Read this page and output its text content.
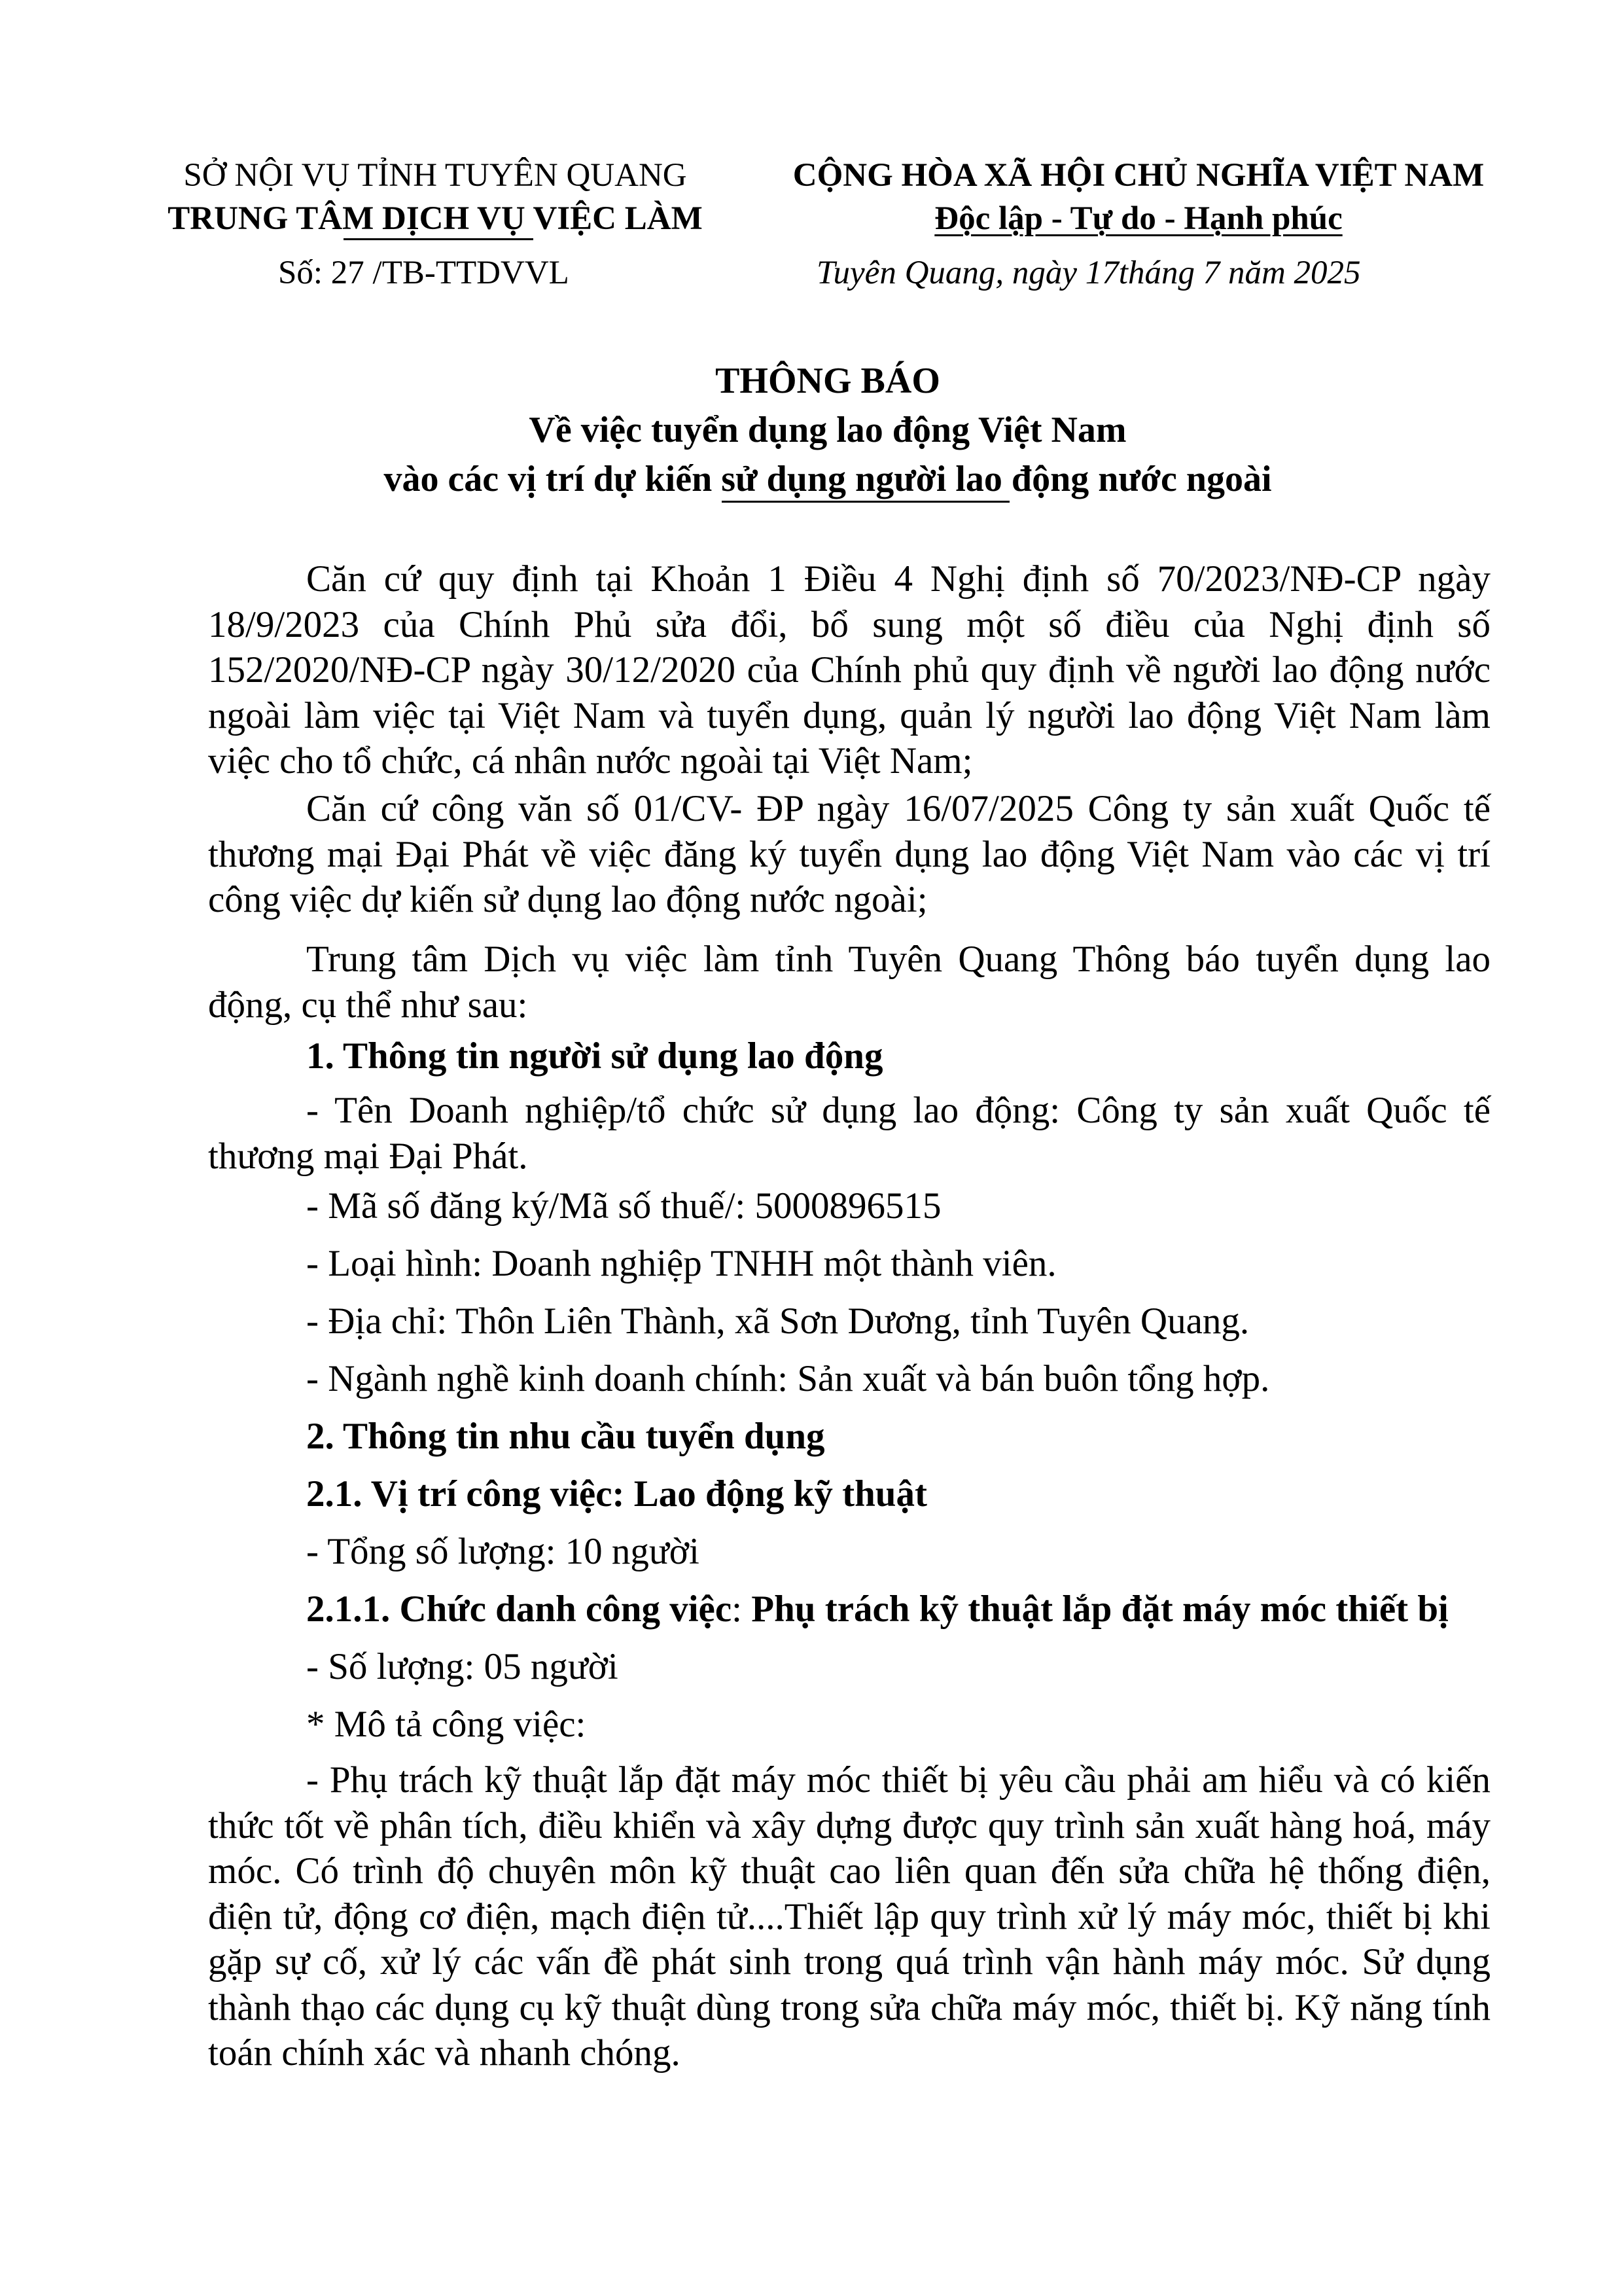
SỞ NỘI VỤ TỈNH TUYÊN QUANG
TRUNG TÂM DỊCH VỤ VIỆC LÀM
Số: 27 /TB-TTDVVL
CỘNG HÒA XÃ HỘI CHỦ NGHĨA VIỆT NAM
Độc lập - Tự do - Hạnh phúc
Tuyên Quang, ngày 17tháng 7 năm 2025
THÔNG BÁO
Về việc tuyển dụng lao động Việt Nam
vào các vị trí dự kiến sử dụng người lao động nước ngoài
Căn cứ quy định tại Khoản 1 Điều 4 Nghị định số 70/2023/NĐ-CP ngày 18/9/2023 của Chính Phủ sửa đổi, bổ sung một số điều của Nghị định số 152/2020/NĐ-CP ngày 30/12/2020 của Chính phủ quy định về người lao động nước ngoài làm việc tại Việt Nam và tuyển dụng, quản lý người lao động Việt Nam làm việc cho tổ chức, cá nhân nước ngoài tại Việt Nam;
Căn cứ công văn số 01/CV- ĐP ngày 16/07/2025 Công ty sản xuất Quốc tế thương mại Đại Phát về việc đăng ký tuyển dụng lao động Việt Nam vào các vị trí công việc dự kiến sử dụng lao động nước ngoài;
Trung tâm Dịch vụ việc làm tỉnh Tuyên Quang Thông báo tuyển dụng lao động, cụ thể như sau:
1. Thông tin người sử dụng lao động
- Tên Doanh nghiệp/tổ chức sử dụng lao động: Công ty sản xuất Quốc tế thương mại Đại Phát.
- Mã số đăng ký/Mã số thuế/: 5000896515
- Loại hình: Doanh nghiệp TNHH một thành viên.
- Địa chỉ: Thôn Liên Thành, xã Sơn Dương, tỉnh Tuyên Quang.
- Ngành nghề kinh doanh chính: Sản xuất và bán buôn tổng hợp.
2. Thông tin nhu cầu tuyển dụng
2.1. Vị trí công việc: Lao động kỹ thuật
- Tổng số lượng: 10 người
2.1.1. Chức danh công việc: Phụ trách kỹ thuật lắp đặt máy móc thiết bị
- Số lượng: 05 người
* Mô tả công việc:
- Phụ trách kỹ thuật lắp đặt máy móc thiết bị yêu cầu phải am hiểu và có kiến thức tốt về phân tích, điều khiển và xây dựng được quy trình sản xuất hàng hoá, máy móc. Có trình độ chuyên môn kỹ thuật cao liên quan đến sửa chữa hệ thống điện, điện tử, động cơ điện, mạch điện tử....Thiết lập quy trình xử lý máy móc, thiết bị khi gặp sự cố, xử lý các vấn đề phát sinh trong quá trình vận hành máy móc. Sử dụng thành thạo các dụng cụ kỹ thuật dùng trong sửa chữa máy móc, thiết bị. Kỹ năng tính toán chính xác và nhanh chóng.
